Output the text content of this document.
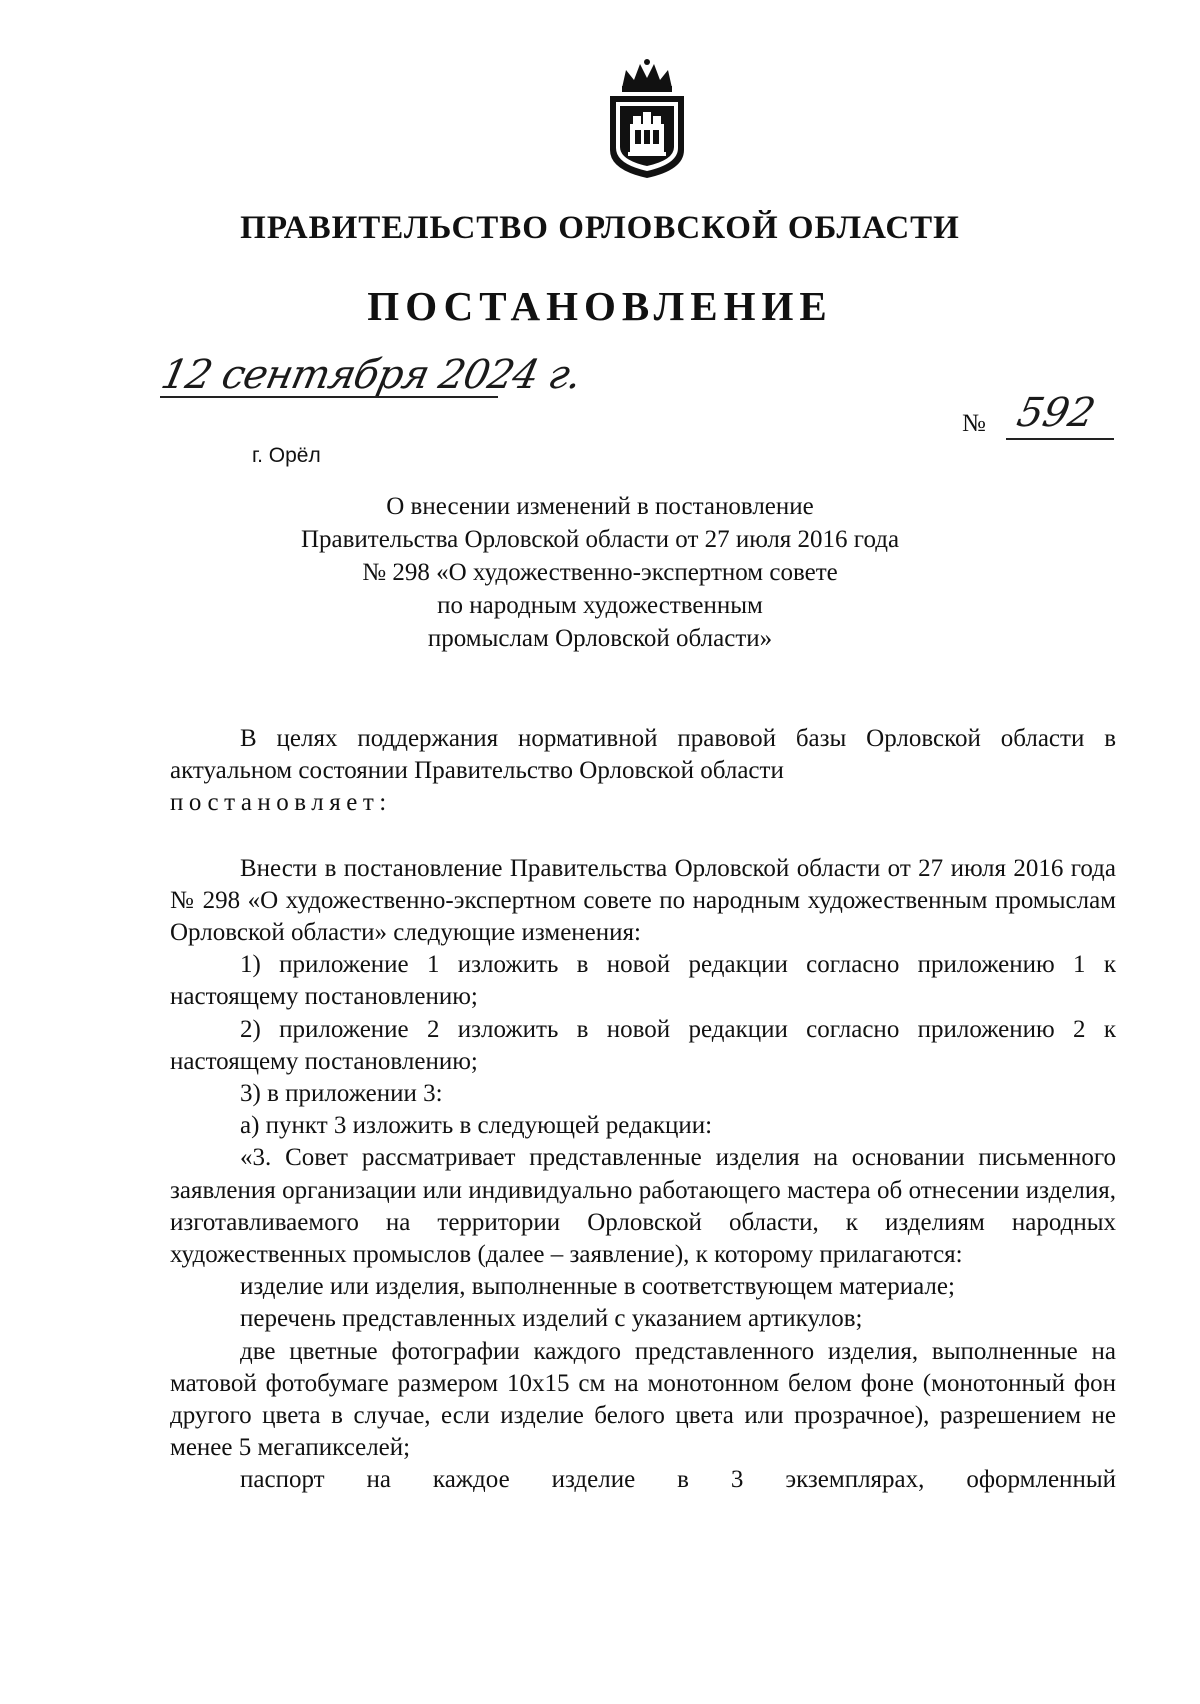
ПРАВИТЕЛЬСТВО ОРЛОВСКОЙ ОБЛАСТИ
ПОСТАНОВЛЕНИЕ
12 сентября 2024 г.
г. Орёл
№ 592
О внесении изменений в постановление
Правительства Орловской области от 27 июля 2016 года
№ 298 «О художественно-экспертном совете
по народным художественным
промыслам Орловской области»
В целях поддержания нормативной правовой базы Орловской области в актуальном состоянии Правительство Орловской области
постановляет:
Внести в постановление Правительства Орловской области от 27 июля 2016 года № 298 «О художественно-экспертном совете по народным художественным промыслам Орловской области» следующие изменения:
1) приложение 1 изложить в новой редакции согласно приложению 1 к настоящему постановлению;
2) приложение 2 изложить в новой редакции согласно приложению 2 к настоящему постановлению;
3) в приложении 3:
а) пункт 3 изложить в следующей редакции:
«3. Совет рассматривает представленные изделия на основании письменного заявления организации или индивидуально работающего мастера об отнесении изделия, изготавливаемого на территории Орловской области, к изделиям народных художественных промыслов (далее – заявление), к которому прилагаются:
изделие или изделия, выполненные в соответствующем материале;
перечень представленных изделий с указанием артикулов;
две цветные фотографии каждого представленного изделия, выполненные на матовой фотобумаге размером 10х15 см на монотонном белом фоне (монотонный фон другого цвета в случае, если изделие белого цвета или прозрачное), разрешением не менее 5 мегапикселей;
паспорт на каждое изделие в 3 экземплярах, оформленный
